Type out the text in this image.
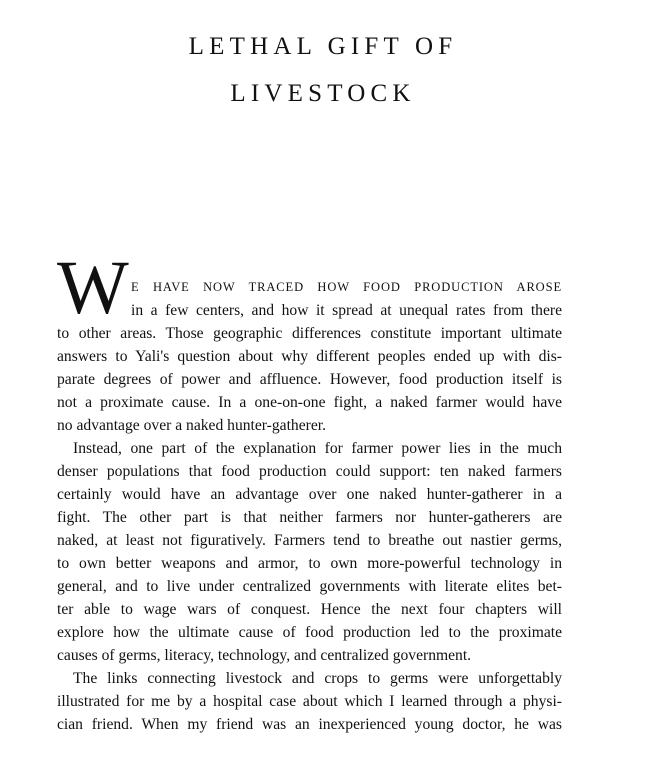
LETHAL GIFT OF
LIVESTOCK
W E HAVE NOW TRACED HOW FOOD PRODUCTION AROSE
in a few centers, and how it spread at unequal rates from there
to other areas. Those geographic differences constitute important ultimate
answers to Yali's question about why different peoples ended up with dis-
parate degrees of power and affluence. However, food production itself is
not a proximate cause. In a one-on-one fight, a naked farmer would have
no advantage over a naked hunter-gatherer.
Instead, one part of the explanation for farmer power lies in the much
denser populations that food production could support: ten naked farmers
certainly would have an advantage over one naked hunter-gatherer in a
fight. The other part is that neither farmers nor hunter-gatherers are
naked, at least not figuratively. Farmers tend to breathe out nastier germs,
to own better weapons and armor, to own more-powerful technology in
general, and to live under centralized governments with literate elites bet-
ter able to wage wars of conquest. Hence the next four chapters will
explore how the ultimate cause of food production led to the proximate
causes of germs, literacy, technology, and centralized government.
The links connecting livestock and crops to germs were unforgettably
illustrated for me by a hospital case about which I learned through a physi-
cian friend. When my friend was an inexperienced young doctor, he was
